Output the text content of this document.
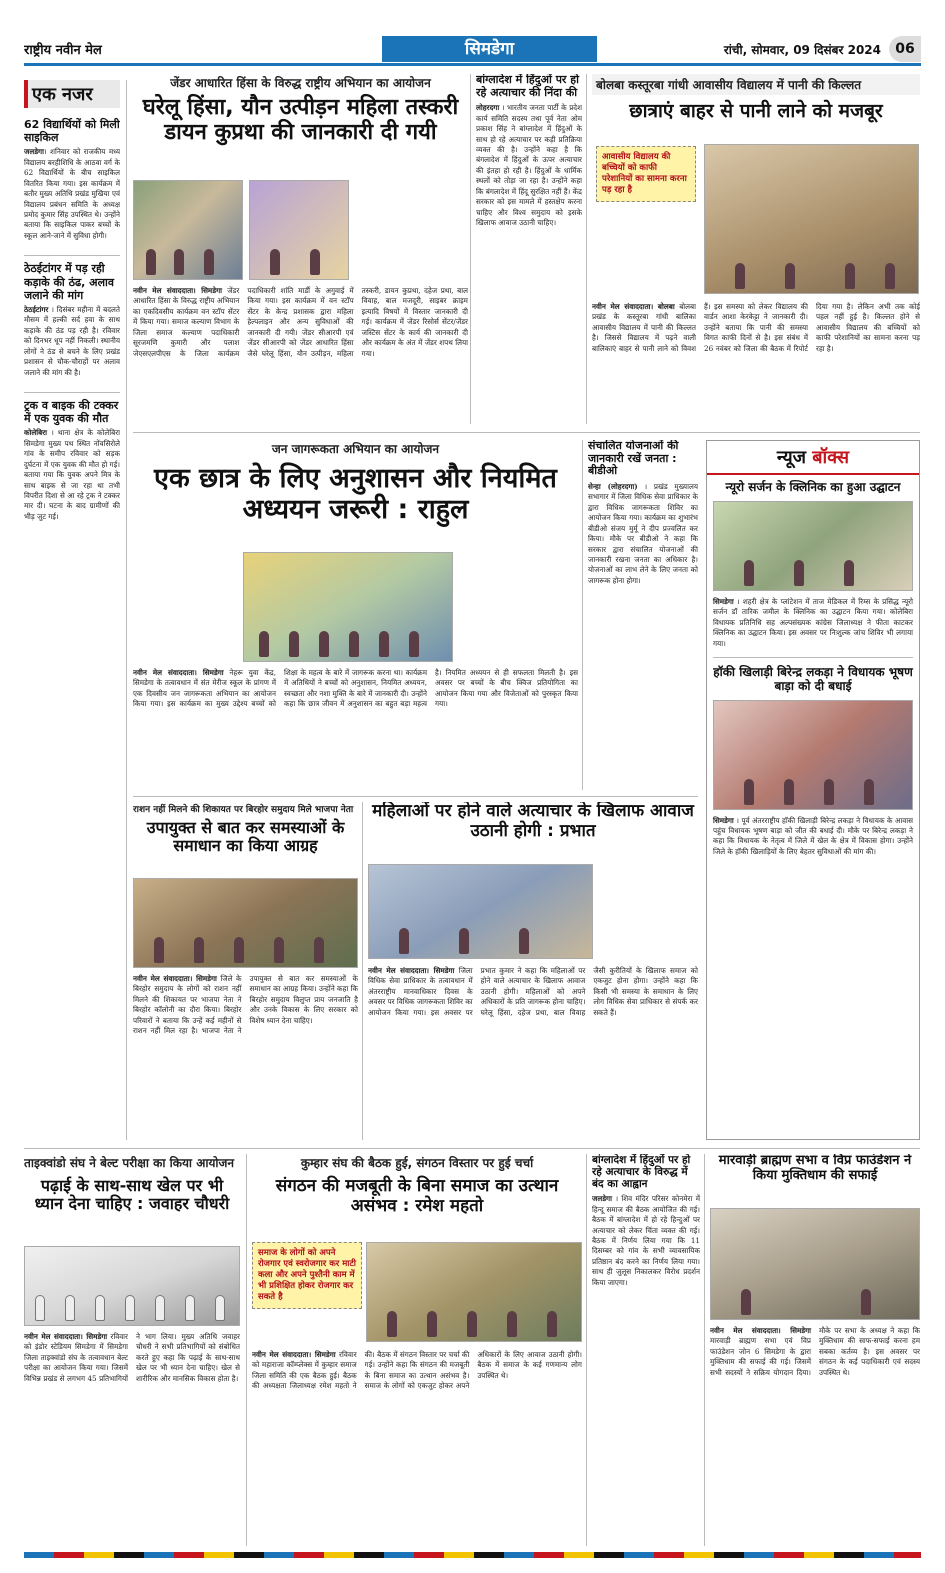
राष्ट्रीय नवीन मेल	सिमडेगा	रांची, सोमवार, 09 दिसंबर 2024	06
एक नजर
62 विद्यार्थियों को मिली साइकिल
जलडेगा। शनिवार को राजकीय मध्य विद्यालय बरहीशिधि के आठवा वर्ग के 62 विद्यार्थियों के बीच साइकिल वितरित किया गया। इस कार्यक्रम में बतौर मुख्य अतिथि प्रखंड मुखिया एवं विद्यालय प्रबंधन समिति के अध्यक्ष प्रमोद कुमार सिंह उपस्थित थे। उन्होंने बताया कि साइकिल पाकर बच्चों के स्कूल आने-जाने में सुविधा होगी।
ठेठईटांगर में पड़ रही कड़ाके की ठंढ, अलाव जलाने की मांग
ठेठईटांगर । दिसंबर महीना में बदलते मौसम में हल्की सर्द हवा के साथ कड़ाके की ठंड पड़ रही है। रविवार को दिनभर धूप नहीं निकली। स्थानीय लोगों ने ठंड से बचने के लिए प्रखंड प्रशासन से चौक-चौराहों पर अलाव जलाने की मांग की है।
ट्रक व बाइक की टक्कर में एक युवक की मौत
कोलेबिरा । थाना क्षेत्र के कोलेबिरा सिमडेगा मुख्य पथ स्थित नोंवसिरोले गांव के समीप रविवार को सड़क दुर्घटना में एक युवक की मौत हो गई। बताया गया कि युवक अपने मित्र के साथ बाइक से जा रहा था तभी विपरीत दिशा से आ रहे ट्रक ने टक्कर मार दी। घटना के बाद ग्रामीणों की भीड़ जुट गई।
जेंडर आधारित हिंसा के विरुद्ध राष्ट्रीय अभियान का आयोजन
घरेलू हिंसा, यौन उत्पीड़न महिला तस्करी डायन कुप्रथा की जानकारी दी गयी
नवीन मेल संवाददाता। सिमडेगा जेंडर आधारित हिंसा के विरुद्ध राष्ट्रीय अभियान का एकदिवसीय कार्यक्रम वन स्टॉप सेंटर में किया गया। समाज कल्याण विभाग के जिला समाज कल्याण पदाधिकारी सूरजमणि कुमारी और पलाश जेएसएलपीएस के जिला कार्यक्रम पदाधिकारी शांति मार्डी के अगुवाई में किया गया। इस कार्यक्रम में वन स्टॉप सेंटर के केन्द्र प्रशासक द्वारा महिला हेल्पलाइन और अन्य सुविधाओं की जानकारी दी गयी। जेंडर सीआरपी एवं जेंडर सीआरपी को जेंडर आधारित हिंसा जैसे घरेलू हिंसा, यौन उत्पीड़न, महिला तस्करी, डायन कुप्रथा, दहेज प्रथा, बाल विवाह, बाल मजदूरी, साइबर क्राइम इत्यादि विषयों में विस्तार जानकारी दी गई। कार्यक्रम में जेंडर रिसोर्स सेंटर/जेंडर जस्टिस सेंटर के कार्य की जानकारी दी और कार्यक्रम के अंत में जेंडर शपथ लिया गया।
बांग्लादेश में हिंदुओं पर हो रहे अत्याचार की निंदा की
लोहरदगा । भारतीय जनता पार्टी के प्रदेश कार्य समिति सदस्य तथा पूर्व नेता ओम प्रकाश सिंह ने बांग्लादेश में हिंदुओं के साथ हो रहे अत्याचार पर कड़ी प्रतिक्रिया व्यक्त की है। उन्होंने कहा है कि बंगलादेश में हिंदुओं के ऊपर अत्याचार की इंतहा हो रही है। हिंदुओं के धार्मिक स्थलों को तोड़ा जा रहा है। उन्होंने कहा कि बंगलादेश में हिंदू सुरक्षित नहीं हैं। केंद्र सरकार को इस मामले में हस्तक्षेप करना चाहिए और विश्व समुदाय को इसके खिलाफ आवाज उठानी चाहिए।
बोलबा कस्तूरबा गांधी आवासीय विद्यालय में पानी की किल्लत
छात्राएं बाहर से पानी लाने को मजबूर
आवासीय विद्यालय की बच्चियों को काफी परेशानियों का सामना करना पड़ रहा है
नवीन मेल संवाददाता। बोलबा बोलबा प्रखंड के कस्तूरबा गांधी बालिका आवासीय विद्यालय में पानी की किल्लत है। जिससे विद्यालय में पढ़ने वाली बालिकाएं बाहर से पानी लाने को विवश हैं। इस समस्या को लेकर विद्यालय की वार्डन आशा केरकेट्टा ने जानकारी दी। उन्होंने बताया कि पानी की समस्या विगत काफी दिनों से है। इस संबंध में 26 नवंबर को जिला की बैठक में रिपोर्ट दिया गया है। लेकिन अभी तक कोई पहल नहीं हुई है। किल्लत होने से आवासीय विद्यालय की बच्चियों को काफी परेशानियों का सामना करना पड़ रहा है।
जन जागरूकता अभियान का आयोजन
एक छात्र के लिए अनुशासन और नियमित अध्ययन जरूरी : राहुल
नवीन मेल संवाददाता। सिमडेगा नेहरू युवा केंद्र, सिमडेगा के तत्वावधान में संत मेरीज स्कूल के प्रांगण में एक दिवसीय जन जागरूकता अभियान का आयोजन किया गया। इस कार्यक्रम का मुख्य उद्देश्य बच्चों को शिक्षा के महत्व के बारे में जागरूक करना था। कार्यक्रम में अतिथियों ने बच्चों को अनुशासन, नियमित अध्ययन, स्वच्छता और नशा मुक्ति के बारे में जानकारी दी। उन्होंने कहा कि छात्र जीवन में अनुशासन का बहुत बड़ा महत्व है। नियमित अध्ययन से ही सफलता मिलती है। इस अवसर पर बच्चों के बीच क्विज प्रतियोगिता का आयोजन किया गया और विजेताओं को पुरस्कृत किया गया।
संचालित योजनाओं की जानकारी रखें जनता : बीडीओ
सेन्हा (लोहरदगा) । प्रखंड मुख्यालय सभागार में जिला विधिक सेवा प्राधिकार के द्वारा विधिक जागरूकता शिविर का आयोजन किया गया। कार्यक्रम का शुभारंभ बीडीओ संजय मुर्मू ने दीप प्रज्वलित कर किया। मौके पर बीडीओ ने कहा कि सरकार द्वारा संचालित योजनाओं की जानकारी रखना जनता का अधिकार है। योजनाओं का लाभ लेने के लिए जनता को जागरूक होना होगा।
न्यूज बॉक्स
न्यूरो सर्जन के क्लिनिक का हुआ उद्घाटन
सिमडेगा । शहरी क्षेत्र के प्लांटेशन में ताज मेडिकल में रिम्स के प्रसिद्ध न्यूरो सर्जन डॉ तारिक जमील के क्लिनिक का उद्घाटन किया गया। कोलेबिरा विधायक प्रतिनिधि सह अल्पसंख्यक कांग्रेस जिलाध्यक्ष ने फीता काटकर क्लिनिक का उद्घाटन किया। इस अवसर पर निःशुल्क जांच शिविर भी लगाया गया।
हॉकी खिलाड़ी बिरेन्द्र लकड़ा ने विधायक भूषण बाड़ा को दी बधाई
सिमडेगा । पूर्व अंतरराष्ट्रीय हॉकी खिलाड़ी बिरेन्द्र लकड़ा ने विधायक के आवास पहुंच विधायक भूषण बाड़ा को जीत की बधाई दी। मौके पर बिरेन्द्र लकड़ा ने कहा कि विधायक के नेतृत्व में जिले में खेल के क्षेत्र में विकास होगा। उन्होंने जिले के हॉकी खिलाड़ियों के लिए बेहतर सुविधाओं की मांग की।
राशन नहीं मिलने की शिकायत पर बिरहोर समुदाय मिले भाजपा नेता
उपायुक्त से बात कर समस्याओं के समाधान का किया आग्रह
नवीन मेल संवाददाता। सिमडेगा जिले के बिरहोर समुदाय के लोगों को राशन नहीं मिलने की शिकायत पर भाजपा नेता ने बिरहोर कॉलोनी का दौरा किया। बिरहोर परिवारों ने बताया कि उन्हें कई महीनों से राशन नहीं मिल रहा है। भाजपा नेता ने उपायुक्त से बात कर समस्याओं के समाधान का आग्रह किया। उन्होंने कहा कि बिरहोर समुदाय विलुप्त प्राय जनजाति है और उनके विकास के लिए सरकार को विशेष ध्यान देना चाहिए।
महिलाओं पर होने वाले अत्याचार के खिलाफ आवाज उठानी होगी : प्रभात
नवीन मेल संवाददाता। सिमडेगा जिला विधिक सेवा प्राधिकार के तत्वावधान में अंतरराष्ट्रीय मानवाधिकार दिवस के अवसर पर विधिक जागरूकता शिविर का आयोजन किया गया। इस अवसर पर प्रभात कुमार ने कहा कि महिलाओं पर होने वाले अत्याचार के खिलाफ आवाज उठानी होगी। महिलाओं को अपने अधिकारों के प्रति जागरूक होना चाहिए। घरेलू हिंसा, दहेज प्रथा, बाल विवाह जैसी कुरीतियों के खिलाफ समाज को एकजुट होना होगा। उन्होंने कहा कि किसी भी समस्या के समाधान के लिए लोग विधिक सेवा प्राधिकार से संपर्क कर सकते हैं।
ताइक्वांडो संघ ने बेल्ट परीक्षा का किया आयोजन
पढ़ाई के साथ-साथ खेल पर भी ध्यान देना चाहिए : जवाहर चौधरी
नवीन मेल संवाददाता। सिमडेगा रविवार को इंडोर स्टेडियम सिमडेगा में सिमडेगा जिला ताइक्वांडो संघ के तत्वावधान बेल्ट परीक्षा का आयोजन किया गया। जिसमें विभिन्न प्रखंड से लगभग 45 प्रतिभागियों ने भाग लिया। मुख्य अतिथि जवाहर चौधरी ने सभी प्रतिभागियों को संबोधित करते हुए कहा कि पढ़ाई के साथ-साथ खेल पर भी ध्यान देना चाहिए। खेल से शारीरिक और मानसिक विकास होता है।
कुम्हार संघ की बैठक हुई, संगठन विस्तार पर हुई चर्चा
संगठन की मजबूती के बिना समाज का उत्थान असंभव : रमेश महतो
समाज के लोगों को अपने रोजगार एवं स्वरोजगार कर माटी कला और अपने पुश्तैनी काम में भी प्रशिक्षित होकर रोजगार कर सकते है
नवीन मेल संवाददाता। सिमडेगा रविवार को महाराजा कॉम्प्लेक्स में कुम्हार समाज जिला समिति की एक बैठक हुई। बैठक की अध्यक्षता जिलाध्यक्ष रमेश महतो ने की। बैठक में संगठन विस्तार पर चर्चा की गई। उन्होंने कहा कि संगठन की मजबूती के बिना समाज का उत्थान असंभव है। समाज के लोगों को एकजुट होकर अपने अधिकारों के लिए आवाज उठानी होगी। बैठक में समाज के कई गणमान्य लोग उपस्थित थे।
बांग्लादेश में हिंदुओं पर हो रहे अत्याचार के विरुद्ध में बंद का आह्वान
जलडेगा । शिव मंदिर परिसर कोनमेरा में हिन्दू समाज की बैठक आयोजित की गई। बैठक में बांग्लादेश में हो रहे हिन्दुओं पर अत्याचार को लेकर चिंता व्यक्त की गई। बैठक में निर्णय लिया गया कि 11 दिसम्बर को गांव के सभी व्यावसायिक प्रतिष्ठान बंद करने का निर्णय लिया गया। साथ ही जुलूस निकालकर विरोध प्रदर्शन किया जाएगा।
मारवाड़ी ब्राह्मण सभा व विप्र फाउंडेशन ने किया मुक्तिधाम की सफाई
नवीन मेल संवाददाता। सिमडेगा मारवाड़ी ब्राह्मण सभा एवं विप्र फाउंडेशन जोन 6 सिमडेगा के द्वारा मुक्तिधाम की सफाई की गई। जिसमें सभी सदस्यों ने सक्रिय योगदान दिया। मौके पर सभा के अध्यक्ष ने कहा कि मुक्तिधाम की साफ-सफाई करना हम सबका कर्तव्य है। इस अवसर पर संगठन के कई पदाधिकारी एवं सदस्य उपस्थित थे।
